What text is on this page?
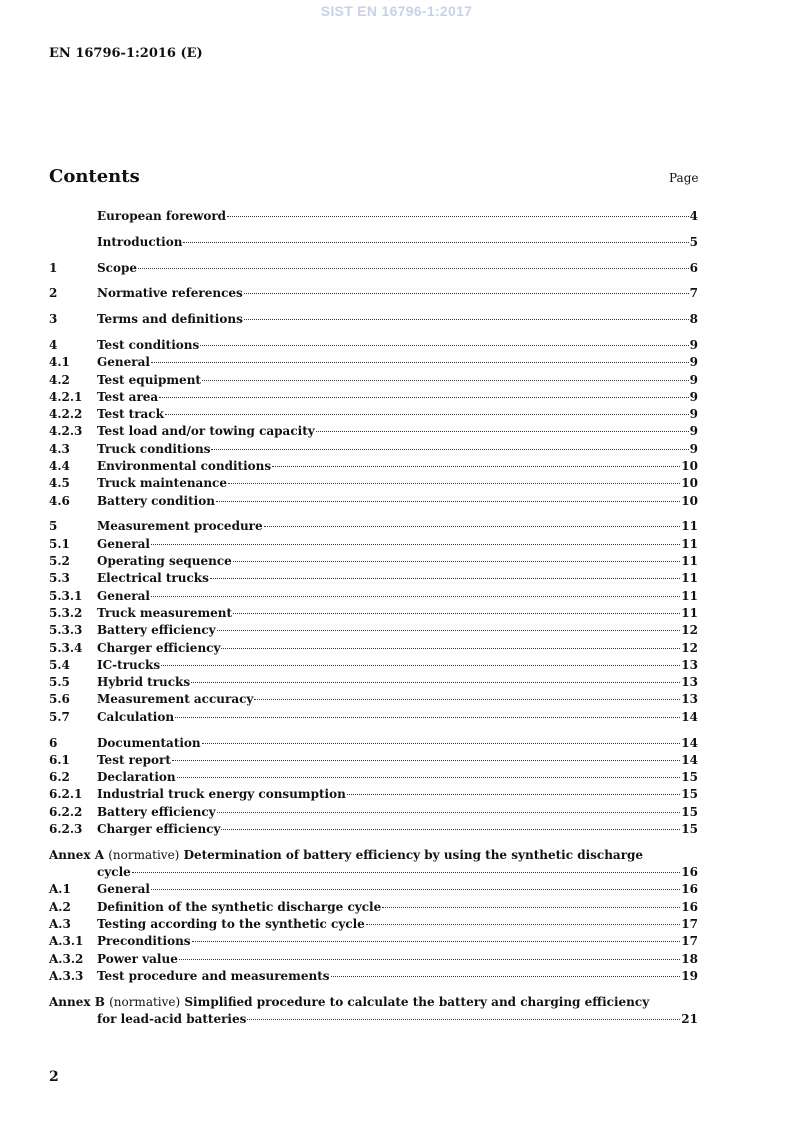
SIST EN 16796-1:2017
EN 16796-1:2016 (E)
Contents	Page
European foreword	4
Introduction	5
1	Scope	6
2	Normative references	7
3	Terms and definitions	8
4	Test conditions	9
4.1	General	9
4.2	Test equipment	9
4.2.1	Test area	9
4.2.2	Test track	9
4.2.3	Test load and/or towing capacity	9
4.3	Truck conditions	9
4.4	Environmental conditions	10
4.5	Truck maintenance	10
4.6	Battery condition	10
5	Measurement procedure	11
5.1	General	11
5.2	Operating sequence	11
5.3	Electrical trucks	11
5.3.1	General	11
5.3.2	Truck measurement	11
5.3.3	Battery efficiency	12
5.3.4	Charger efficiency	12
5.4	IC-trucks	13
5.5	Hybrid trucks	13
5.6	Measurement accuracy	13
5.7	Calculation	14
6	Documentation	14
6.1	Test report	14
6.2	Declaration	15
6.2.1	Industrial truck energy consumption	15
6.2.2	Battery efficiency	15
6.2.3	Charger efficiency	15
Annex A (normative) Determination of battery efficiency by using the synthetic discharge
cycle	16
A.1	General	16
A.2	Definition of the synthetic discharge cycle	16
A.3	Testing according to the synthetic cycle	17
A.3.1	Preconditions	17
A.3.2	Power value	18
A.3.3	Test procedure and measurements	19
Annex B (normative) Simplified procedure to calculate the battery and charging efficiency
for lead-acid batteries	21
2
